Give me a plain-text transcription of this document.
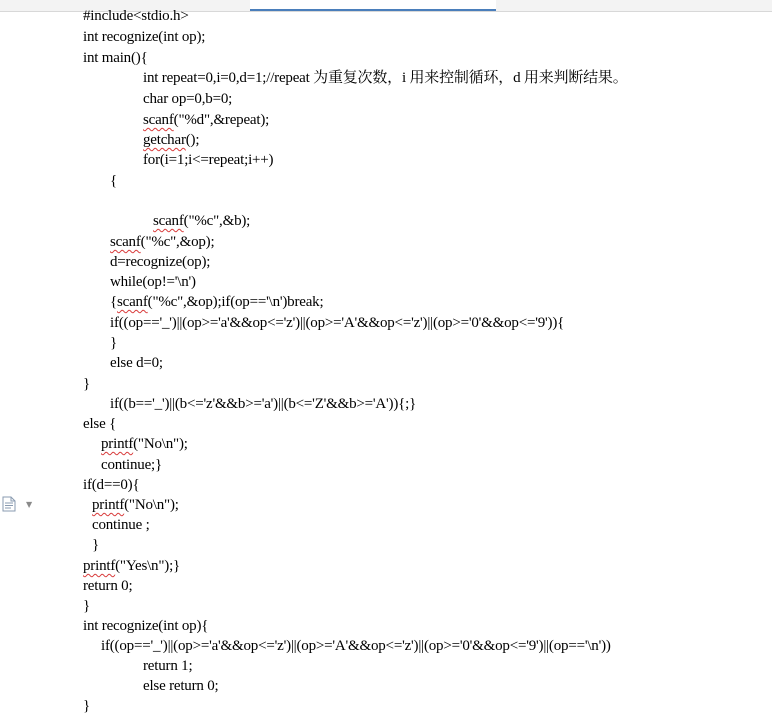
#include<stdio.h>
int recognize(int op);
int main(){
int repeat=0,i=0,d=1;//repeat 为重复次数，i 用来控制循环，d 用来判断结果。
char op=0,b=0;
scanf("%d",&repeat);
getchar();
for(i=1;i<=repeat;i++)
{
scanf("%c",&b);
scanf("%c",&op);
d=recognize(op);
while(op!='\n')
{scanf("%c",&op);if(op=='\n')break;
if((op=='_')||(op>='a'&&op<='z')||(op>='A'&&op<='z')||(op>='0'&&op<='9')){
}
else d=0;
}
if((b=='_')||(b<='z'&&b>='a')||(b<='Z'&&b>='A')){;}
else {
printf("No\n");
continue;}
if(d==0){
printf("No\n");
continue ;
}
printf("Yes\n");}
return 0;
}
int recognize(int op){
if((op=='_')||(op>='a'&&op<='z')||(op>='A'&&op<='z')||(op>='0'&&op<='9')||(op=='\n'))
return 1;
else return 0;
}
▼
